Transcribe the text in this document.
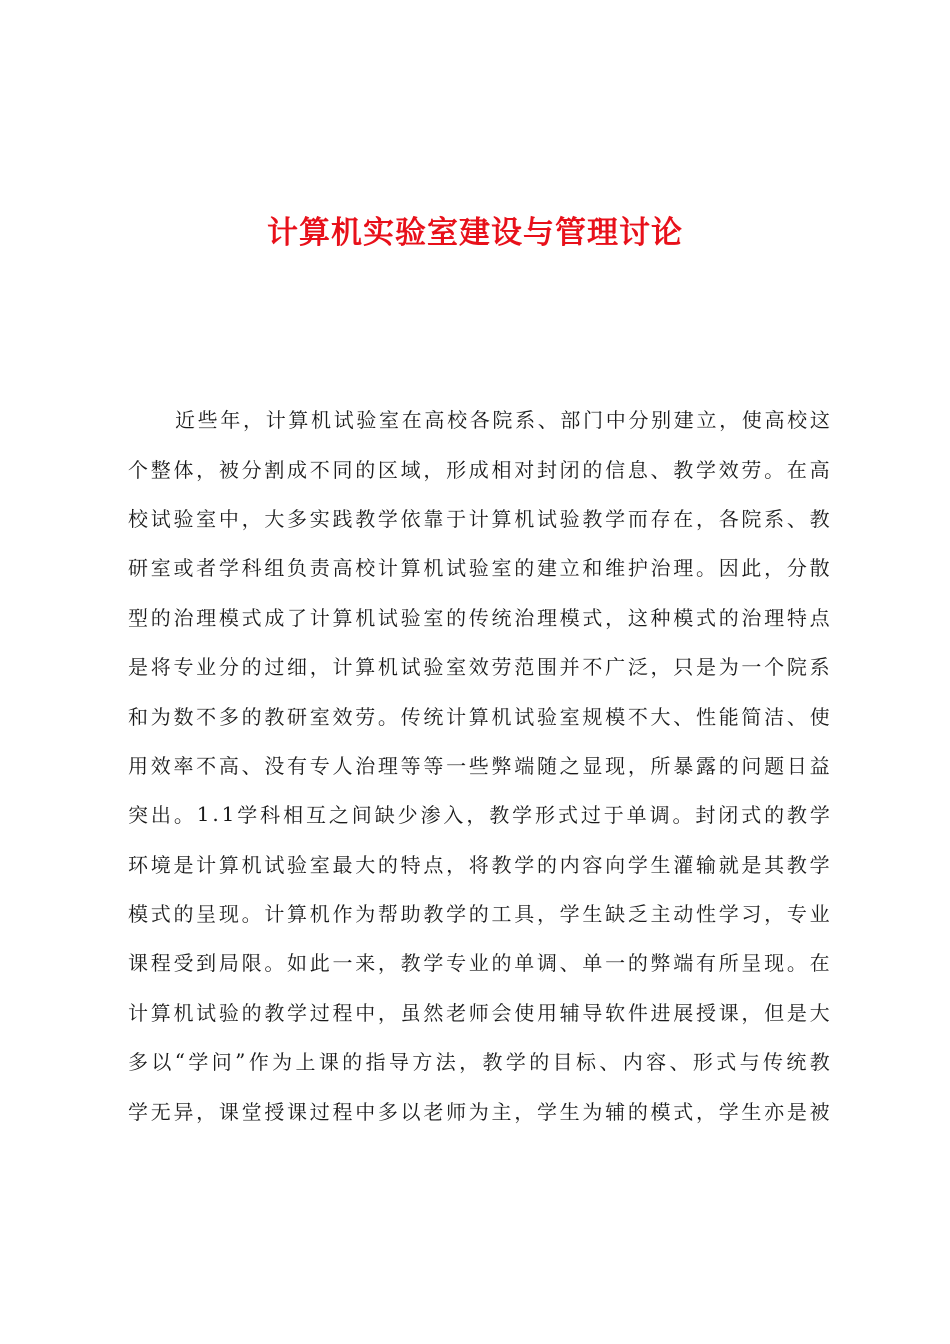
计算机实验室建设与管理讨论
近 些 年 ， 计 算 机 试 验 室 在 高 校 各 院 系 、 部 门 中 分 别 建 立 ， 使 高 校 这
个 整 体 ， 被 分 割 成 不 同 的 区 域 ， 形 成 相 对 封 闭 的 信 息 、 教 学 效 劳 。 在 高
校 试 验 室 中 ， 大 多 实 践 教 学 依 靠 于 计 算 机 试 验 教 学 而 存 在 ， 各 院 系 、 教
研 室 或 者 学 科 组 负 责 高 校 计 算 机 试 验 室 的 建 立 和 维 护 治 理 。 因 此 ， 分 散
型 的 治 理 模 式 成 了 计 算 机 试 验 室 的 传 统 治 理 模 式 ， 这 种 模 式 的 治 理 特 点
是 将 专 业 分 的 过 细 ， 计 算 机 试 验 室 效 劳 范 围 并 不 广 泛 ， 只 是 为 一 个 院 系
和 为 数 不 多 的 教 研 室 效 劳 。 传 统 计 算 机 试 验 室 规 模 不 大 、 性 能 简 洁 、 使
用 效 率 不 高 、 没 有 专 人 治 理 等 等 一 些 弊 端 随 之 显 现 ， 所 暴 露 的 问 题 日 益
突 出 。 1 . 1 学 科 相 互 之 间 缺 少 渗 入 ， 教 学 形 式 过 于 单 调 。 封 闭 式 的 教 学
环 境 是 计 算 机 试 验 室 最 大 的 特 点 ， 将 教 学 的 内 容 向 学 生 灌 输 就 是 其 教 学
模 式 的 呈 现 。 计 算 机 作 为 帮 助 教 学 的 工 具 ， 学 生 缺 乏 主 动 性 学 习 ， 专 业
课 程 受 到 局 限 。 如 此 一 来 ， 教 学 专 业 的 单 调 、 单 一 的 弊 端 有 所 呈 现 。 在
计 算 机 试 验 的 教 学 过 程 中 ， 虽 然 老 师 会 使 用 辅 导 软 件 进 展 授 课 ， 但 是 大
多 以 “ 学 问 ” 作 为 上 课 的 指 导 方 法 ， 教 学 的 目 标 、 内 容 、 形 式 与 传 统 教
学 无 异 ， 课 堂 授 课 过 程 中 多 以 老 师 为 主 ， 学 生 为 辅 的 模 式 ， 学 生 亦 是 被
